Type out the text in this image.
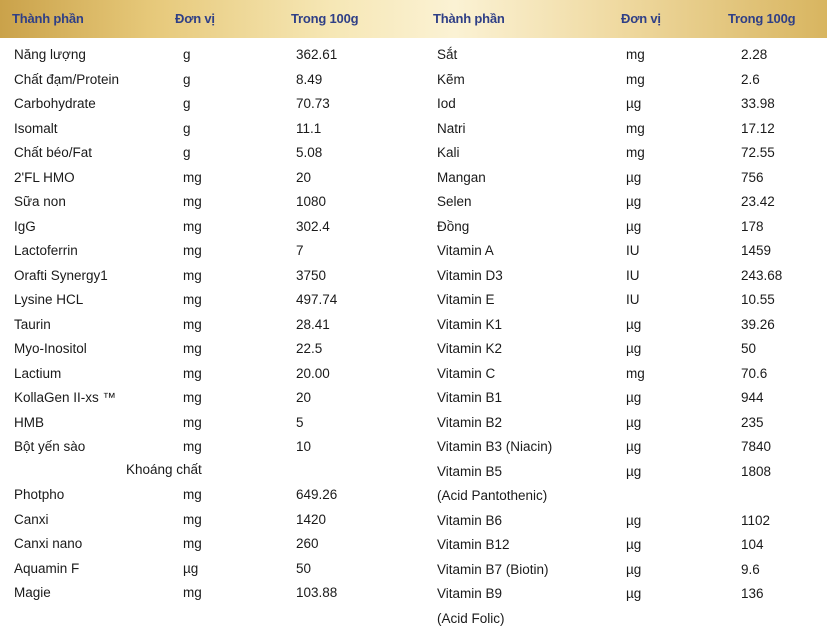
Thành phần	Đơn vị	Trong 100g	Thành phần	Đơn vị	Trong 100g
Năng lượng	g	362.61
Chất đạm/Protein	g	8.49
Carbohydrate	g	70.73
Isomalt	g	11.1
Chất béo/Fat	g	5.08
2'FL HMO	mg	20
Sữa non	mg	1080
IgG	mg	302.4
Lactoferrin	mg	7
Orafti Synergy1	mg	3750
Lysine HCL	mg	497.74
Taurin	mg	28.41
Myo-Inositol	mg	22.5
Lactium	mg	20.00
KollaGen II-xs ™	mg	20
HMB	mg	5
Bột yến sào	mg	10
Photpho	mg	649.26
Canxi	mg	1420
Canxi nano	mg	260
Aquamin F	µg	50
Magie	mg	103.88
Khoáng chất
Sắt	mg	2.28
Kẽm	mg	2.6
Iod	µg	33.98
Natri	mg	17.12
Kali	mg	72.55
Mangan	µg	756
Selen	µg	23.42
Đồng	µg	178
Vitamin A	IU	1459
Vitamin D3	IU	243.68
Vitamin E	IU	10.55
Vitamin K1	µg	39.26
Vitamin K2	µg	50
Vitamin C	mg	70.6
Vitamin B1	µg	944
Vitamin B2	µg	235
Vitamin B3 (Niacin)	µg	7840
Vitamin B5	µg	1808
(Acid Pantothenic)
Vitamin B6	µg	1102
Vitamin B12	µg	104
Vitamin B7 (Biotin)	µg	9.6
Vitamin B9	µg	136
(Acid Folic)
